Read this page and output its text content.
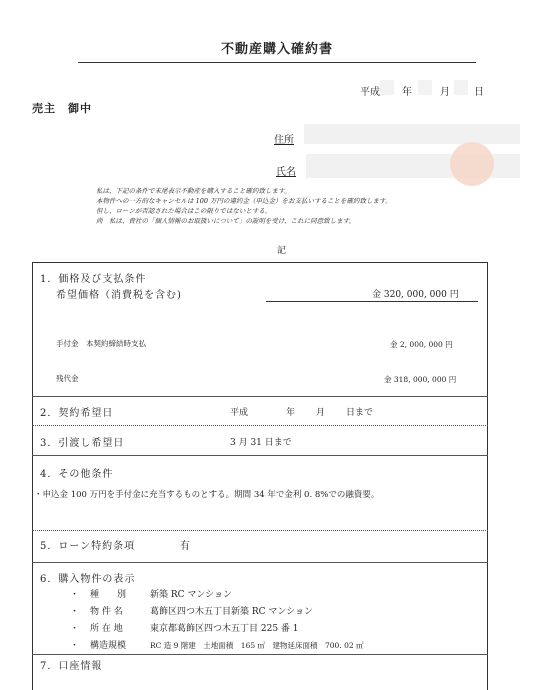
不動産購入確約書
平成 年	月 日
売主　御中
住所
氏名
私は、下記の条件で末尾表示不動産を購入すること確約致します。
本物件への一方的なキャンセルは 100 万円の違約金（申込金）をお支払いすることを確約致します。
但し、ローンが否認された場合はこの限りではないとする。
尚　私は、貴社の「個人情報のお取扱いについて」の説明を受け、これに同意致します。
記
1．価格及び支払条件
希望価格（消費税を含む)	金 320, 000, 000 円
手付金　本契約締結時支払	金 2, 000, 000 円
残代金	金 318, 000, 000 円
2．契約希望日	平成	年 月 日まで
3．引渡し希望日	3 月 31 日まで
4．その他条件
・申込金 100 万円を手付金に充当するものとする。期間 34 年で金利 0. 8%での融資要。
5．ローン特約条項	有
6．購入物件の表示
・ 種　　別	新築 RC マンション
・ 物 件 名	葛飾区四つ木五丁目新築 RC マンション
・ 所 在 地	東京都葛飾区四つ木五丁目 225 番 1
・ 構造規模	RC 造 9 階建　土地面積　165 ㎡　建物延床面積　700. 02 ㎡
7．口座情報
